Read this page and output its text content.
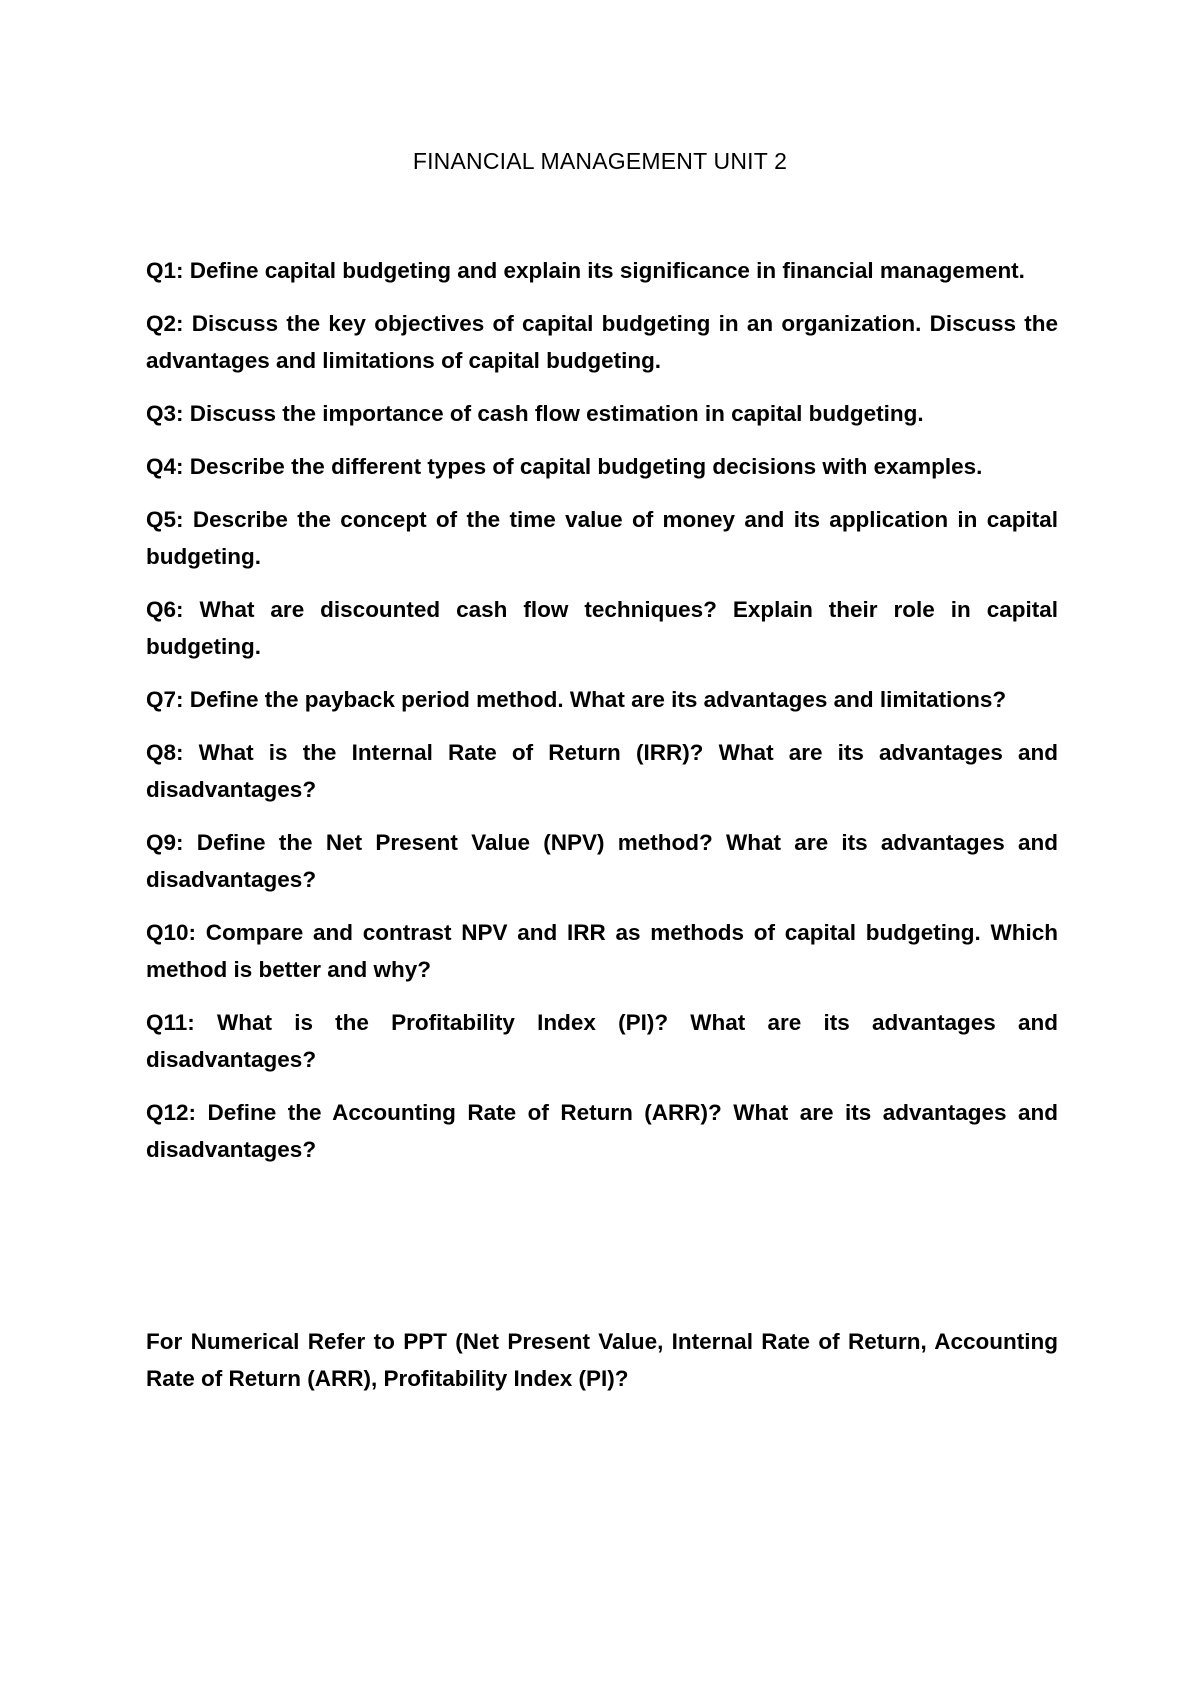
FINANCIAL MANAGEMENT UNIT 2

Q1: Define capital budgeting and explain its significance in financial management.

Q2: Discuss the key objectives of capital budgeting in an organization. Discuss the advantages and limitations of capital budgeting.

Q3: Discuss the importance of cash flow estimation in capital budgeting.

Q4: Describe the different types of capital budgeting decisions with examples.

Q5: Describe the concept of the time value of money and its application in capital budgeting.

Q6: What are discounted cash flow techniques? Explain their role in capital budgeting.

Q7: Define the payback period method. What are its advantages and limitations?

Q8: What is the Internal Rate of Return (IRR)? What are its advantages and disadvantages?

Q9: Define the Net Present Value (NPV) method? What are its advantages and disadvantages?

Q10: Compare and contrast NPV and IRR as methods of capital budgeting. Which method is better and why?

Q11: What is the Profitability Index (PI)? What are its advantages and disadvantages?

Q12: Define the Accounting Rate of Return (ARR)? What are its advantages and disadvantages?

For Numerical Refer to PPT (Net Present Value, Internal Rate of Return, Accounting Rate of Return (ARR), Profitability Index (PI)?
